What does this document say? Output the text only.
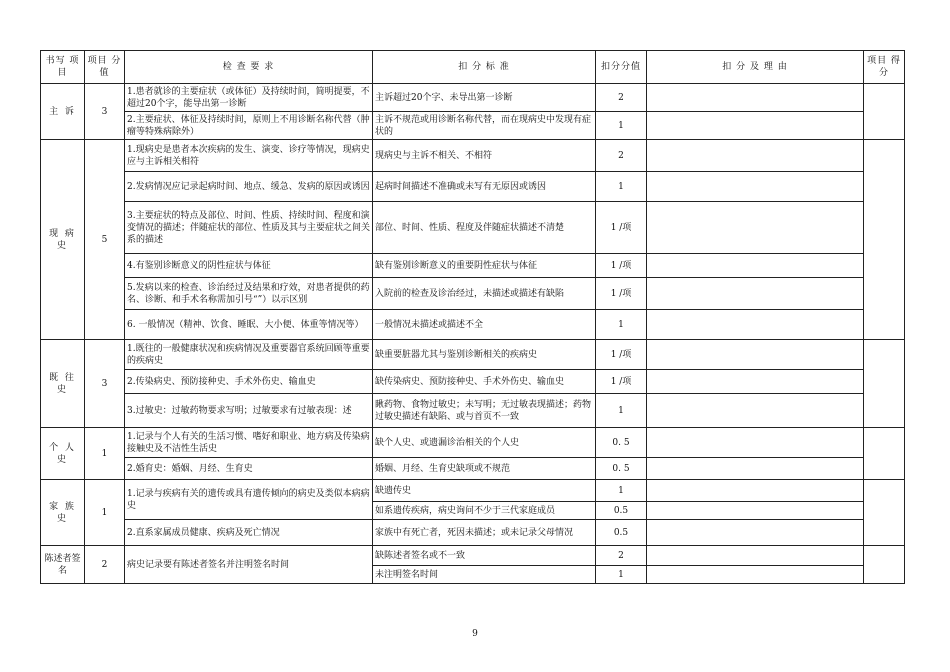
书写 项 目	项目 分值	检 查 要 求	扣 分 标 准	扣分分值	扣 分 及 理 由	项目 得分
主 诉	3	1.患者就诊的主要症状（或体征）及持续时间，简明提要，不超过20个字，能导出第一诊断	主诉超过20个字、未导出第一诊断	2		
		2.主要症状、体征及持续时间，原则上不用诊断名称代替（肿瘤等特殊病除外）	主诉不规范或用诊断名称代替，而在现病史中发现有症状的	1		
现 病 史	5	1.现病史是患者本次疾病的发生、演变、诊疗等情况，现病史应与主诉相关相符	现病史与主诉不相关、不相符	2		
		2.发病情况应记录起病时间、地点、缓急、发病的原因或诱因	起病时间描述不准确或未写有无原因或诱因	1		
		3.主要症状的特点及部位、时间、性质、持续时间、程度和演变情况的描述；伴随症状的部位、性质及其与主要症状之间关系的描述	部位、时间、性质、程度及伴随症状描述不清楚	1 /项		
		4.有鉴别诊断意义的阴性症状与体征	缺有鉴别诊断意义的重要阴性症状与体征	1 /项		
		5.发病以来的检查、诊治经过及结果和疗效，对患者提供的药名、诊断、和手术名称需加引号“”）以示区别	入院前的检查及诊治经过，未描述或描述有缺陷	1 /项		
		6. 一般情况（精神、饮食、睡眠、大小便、体重等情况等）	一般情况未描述或描述不全	1		
既 往 史	3	1.既往的一般健康状况和疾病情况及重要器官系统回顾等重要的疾病史	缺重要脏器尤其与鉴别诊断相关的疾病史	1 /项		
		2.传染病史、预防接种史、手术外伤史、输血史	缺传染病史、预防接种史、手术外伤史、输血史	1 /项		
		3.过敏史：过敏药物要求写明；过敏要求有过敏表现：述	瞅药物、食物过敏史；未写明；无过敏表现描述；药物过敏史描述有缺陷、或与首页不一致	1		
个 人 史	1	1.记录与个人有关的生活习惯、嗜好和职业、地方病及传染病接触史及不洁性生活史	缺个人史、或遗漏诊治相关的个人史	0. 5		
		2.婚育史：婚姻、月经、生育史	婚姻、月经、生育史缺项或不规范	0. 5		
家 族 史	1	1.记录与疾病有关的遗传或具有遗传倾向的病史及类似本病病史	缺遗传史	1		
			如系遗传疾病，病史询问不少于三代家庭成员	0.5		
		2.直系家属成员健康、疾病及死亡情况	家族中有死亡者，死因未描述；或未记录父母情况	0.5		
陈述者签名	2	病史记录要有陈述者签名并注明签名时间	缺陈述者签名或不一致	2		
			未注明签名时间	1		
9
